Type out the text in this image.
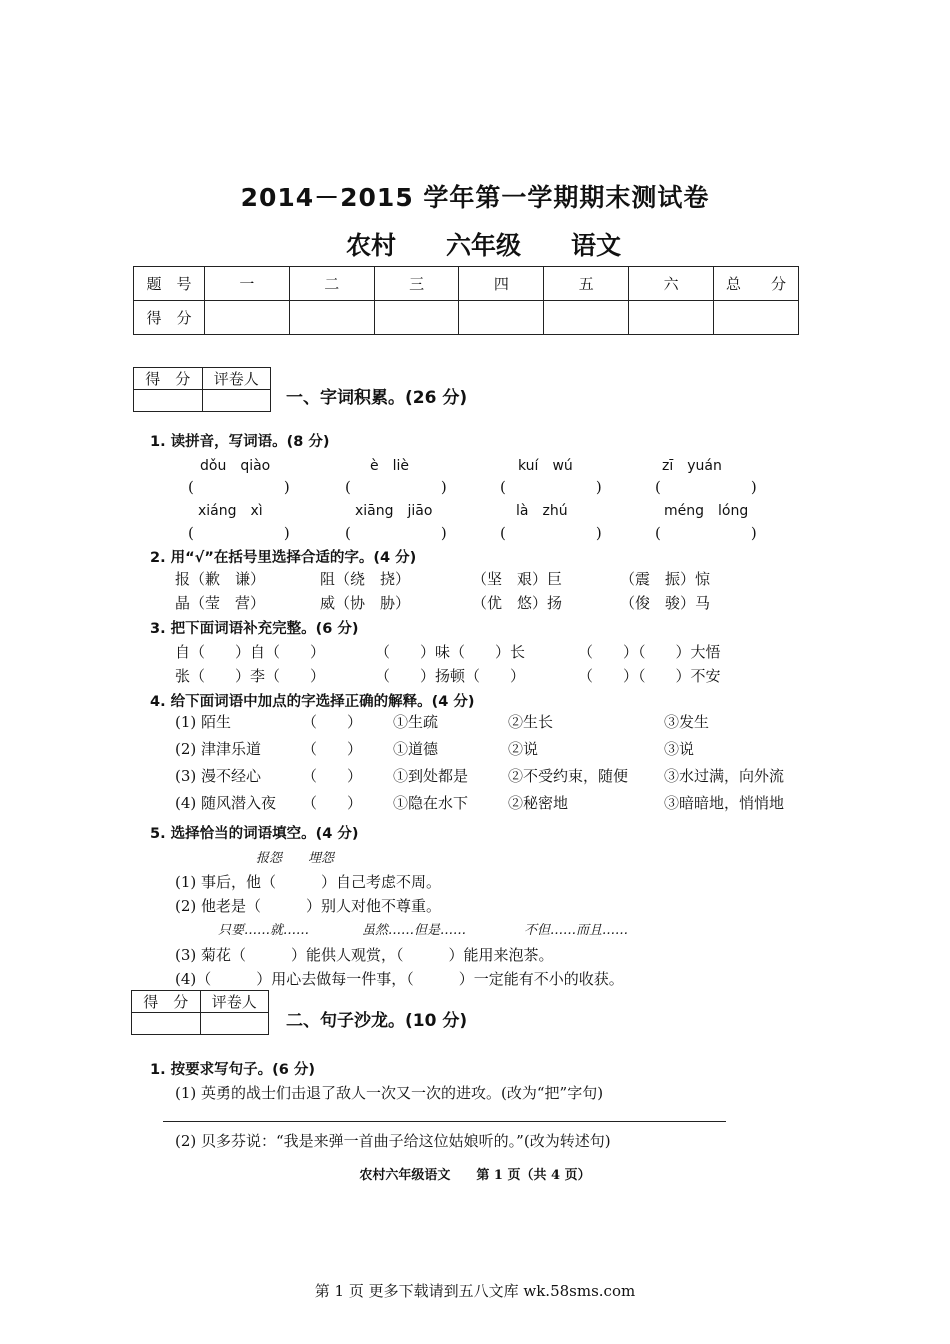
2014－2015 学年第一学期期末测试卷
农村 六年级 语文
题　号	一	二	三	四	五	六	总　　分
得　分							
得　分	评卷人

一、字词积累。(26 分)
1. 读拼音，写词语。(8 分)
dǒu　qiào	è　liè	kuí　wú	zī　yuán
(　　　　　　)	(　　　　　　)	(　　　　　　)	(　　　　　　)
xiáng　xì	xiāng　jiāo	là　zhú	méng　lóng
(　　　　　　)	(　　　　　　)	(　　　　　　)	(　　　　　　)
2. 用“√”在括号里选择合适的字。(4 分)
报（歉　谦）	阻（绕　挠）	（坚　艰）巨	（震　振）惊
晶（莹　营）	威（协　胁）	（优　悠）扬	（俊　骏）马
3. 把下面词语补充完整。(6 分)
自（　　）自（　　）	（　　）味（　　）长	（　　）（　　）大悟
张（　　）李（　　）	（　　）扬顿（　　）	（　　）（　　）不安
4. 给下面词语中加点的字选择正确的解释。(4 分)
(1) 陌生	（　　） ①生疏	②生长	③发生
(2) 津津乐道	（　　） ①道德	②说	③说
(3) 漫不经心	（　　） ①到处都是	②不受约束，随便 ③水过满，向外流
(4) 随风潜入夜 （　　） ①隐在水下	②秘密地	③暗暗地，悄悄地
5. 选择恰当的词语填空。(4 分)
报怨　　埋怨
(1) 事后，他（　　　）自己考虑不周。
(2) 他老是（　　　）别人对他不尊重。
只要……就……	虽然……但是……	不但……而且……
(3) 菊花（　　　）能供人观赏，（　　　）能用来泡茶。
(4)（　　　）用心去做每一件事，（　　　）一定能有不小的收获。
得　分	评卷人

二、句子沙龙。(10 分)
1. 按要求写句子。(6 分)
(1) 英勇的战士们击退了敌人一次又一次的进攻。(改为“把”字句)
(2) 贝多芬说：“我是来弹一首曲子给这位姑娘听的。”(改为转述句)
农村六年级语文　　第 1 页（共 4 页）
第 1 页 更多下载请到五八文库 wk.58sms.com
